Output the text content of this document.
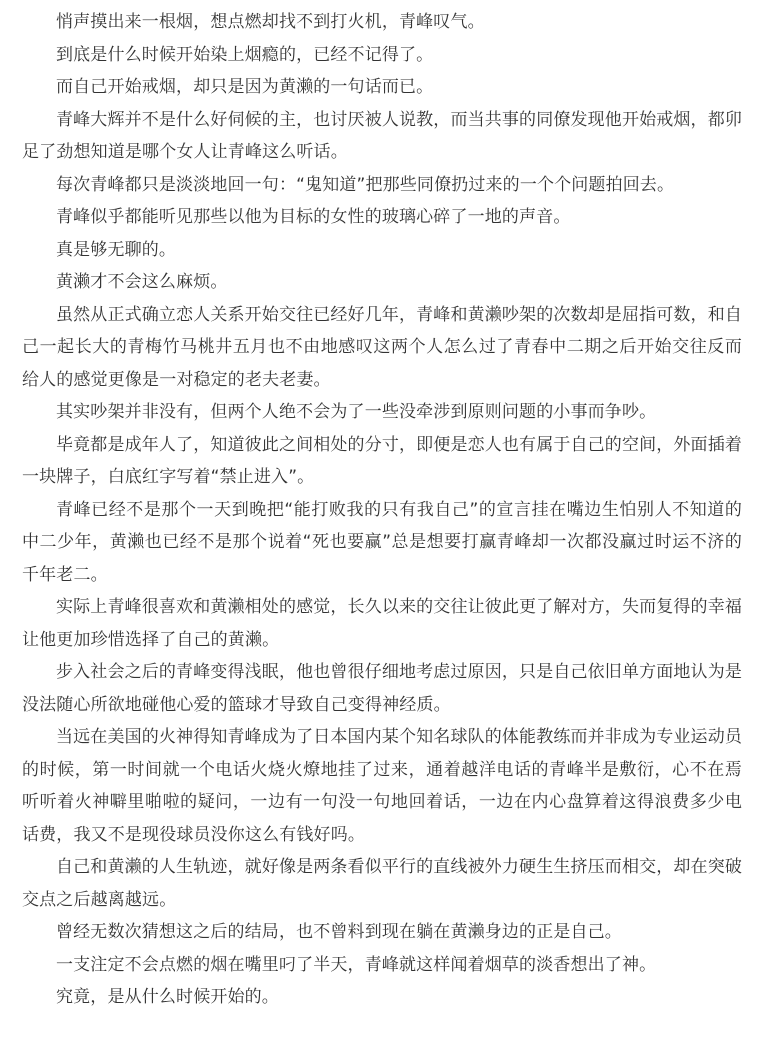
悄声摸出来一根烟，想点燃却找不到打火机，青峰叹气。

到底是什么时候开始染上烟瘾的，已经不记得了。

而自己开始戒烟，却只是因为黄濑的一句话而已。

青峰大辉并不是什么好伺候的主，也讨厌被人说教，而当共事的同僚发现他开始戒烟，都卯足了劲想知道是哪个女人让青峰这么听话。

每次青峰都只是淡淡地回一句：“鬼知道”把那些同僚扔过来的一个个问题拍回去。

青峰似乎都能听见那些以他为目标的女性的玻璃心碎了一地的声音。

真是够无聊的。

黄濑才不会这么麻烦。

虽然从正式确立恋人关系开始交往已经好几年，青峰和黄濑吵架的次数却是屈指可数，和自己一起长大的青梅竹马桃井五月也不由地感叹这两个人怎么过了青春中二期之后开始交往反而给人的感觉更像是一对稳定的老夫老妻。

其实吵架并非没有，但两个人绝不会为了一些没牵涉到原则问题的小事而争吵。

毕竟都是成年人了，知道彼此之间相处的分寸，即便是恋人也有属于自己的空间，外面插着一块牌子，白底红字写着“禁止进入”。

青峰已经不是那个一天到晚把“能打败我的只有我自己”的宣言挂在嘴边生怕别人不知道的中二少年，黄濑也已经不是那个说着“死也要赢”总是想要打赢青峰却一次都没赢过时运不济的千年老二。

实际上青峰很喜欢和黄濑相处的感觉，长久以来的交往让彼此更了解对方，失而复得的幸福让他更加珍惜选择了自己的黄濑。

步入社会之后的青峰变得浅眠，他也曾很仔细地考虑过原因，只是自己依旧单方面地认为是没法随心所欲地碰他心爱的篮球才导致自己变得神经质。

当远在美国的火神得知青峰成为了日本国内某个知名球队的体能教练而并非成为专业运动员的时候，第一时间就一个电话火烧火燎地挂了过来，通着越洋电话的青峰半是敷衍，心不在焉听听着火神噼里啪啦的疑问，一边有一句没一句地回着话，一边在内心盘算着这得浪费多少电话费，我又不是现役球员没你这么有钱好吗。

自己和黄濑的人生轨迹，就好像是两条看似平行的直线被外力硬生生挤压而相交，却在突破交点之后越离越远。

曾经无数次猜想这之后的结局，也不曾料到现在躺在黄濑身边的正是自己。

一支注定不会点燃的烟在嘴里叼了半天，青峰就这样闻着烟草的淡香想出了神。

究竟，是从什么时候开始的。
